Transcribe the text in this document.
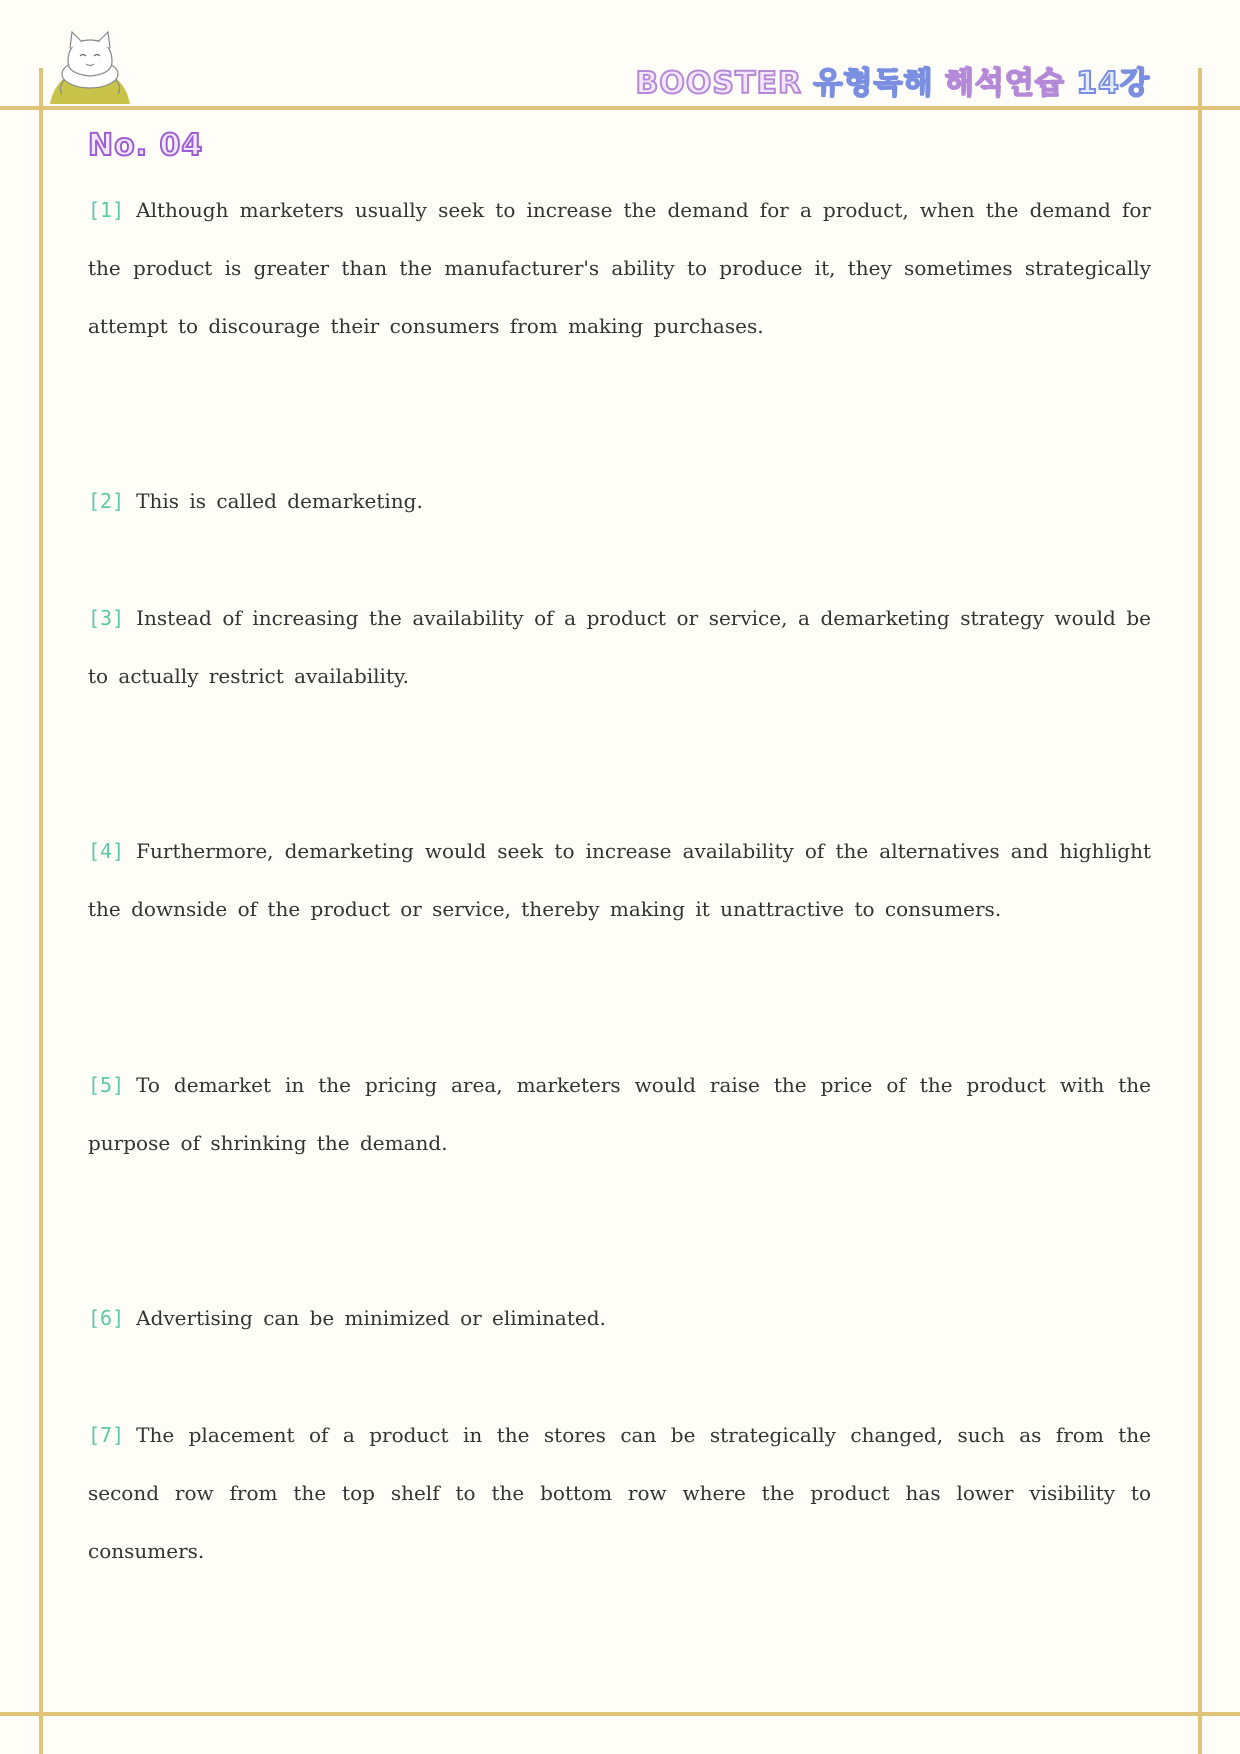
BOOSTER 유형독해 해석연습 14강
No. 04
[1] Although marketers usually seek to increase the demand for a product, when the demand for the product is greater than the manufacturer's ability to produce it, they sometimes strategically attempt to discourage their consumers from making purchases.
[2] This is called demarketing.
[3] Instead of increasing the availability of a product or service, a demarketing strategy would be to actually restrict availability.
[4] Furthermore, demarketing would seek to increase availability of the alternatives and highlight the downside of the product or service, thereby making it unattractive to consumers.
[5] To demarket in the pricing area, marketers would raise the price of the product with the purpose of shrinking the demand.
[6] Advertising can be minimized or eliminated.
[7] The placement of a product in the stores can be strategically changed, such as from the second row from the top shelf to the bottom row where the product has lower visibility to consumers.
